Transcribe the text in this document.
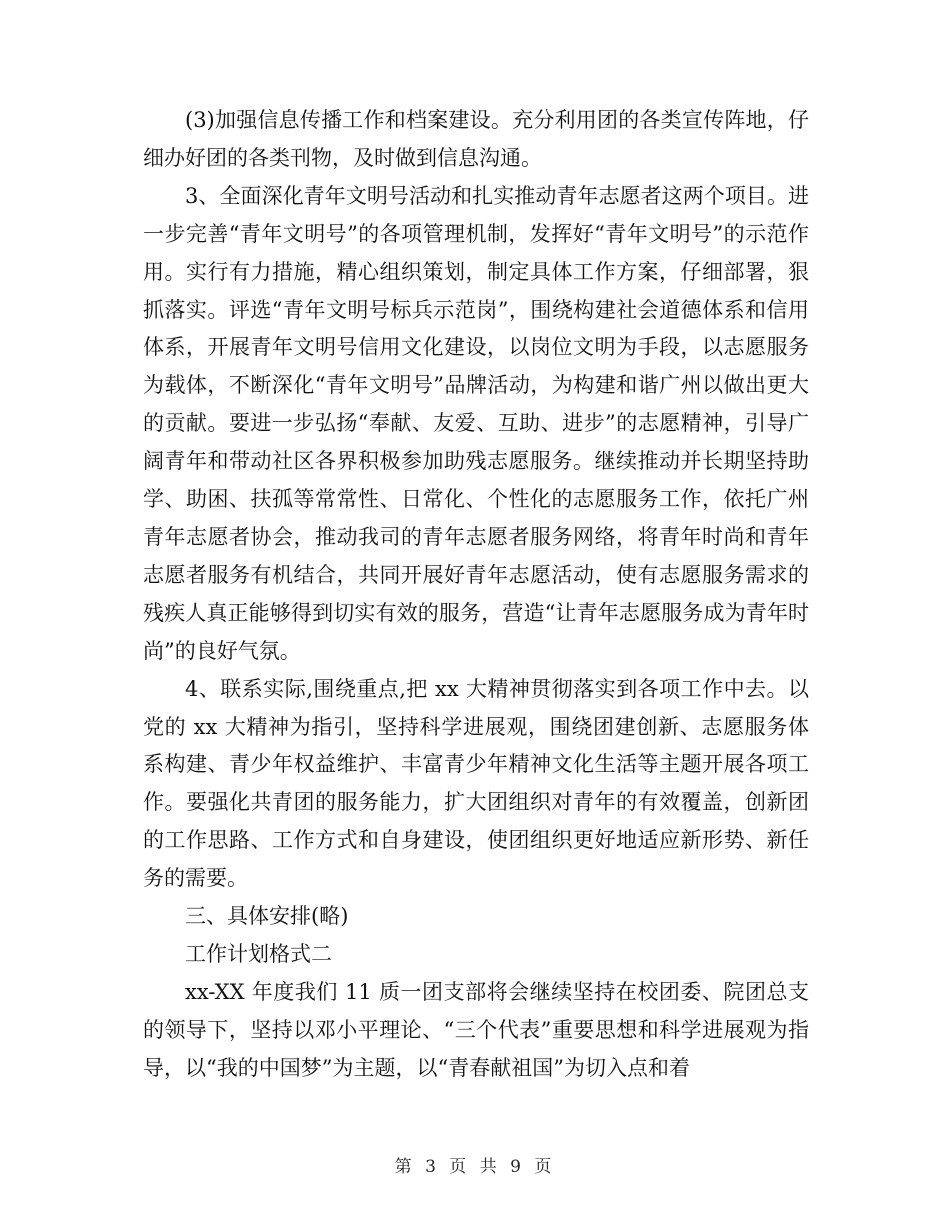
(3)加强信息传播工作和档案建设。充分利用团的各类宣传阵地，仔细办好团的各类刊物，及时做到信息沟通。

3、全面深化青年文明号活动和扎实推动青年志愿者这两个项目。进一步完善“青年文明号”的各项管理机制，发挥好“青年文明号”的示范作用。实行有力措施，精心组织策划，制定具体工作方案，仔细部署，狠抓落实。评选“青年文明号标兵示范岗”，围绕构建社会道德体系和信用体系，开展青年文明号信用文化建设，以岗位文明为手段，以志愿服务为载体，不断深化“青年文明号”品牌活动，为构建和谐广州以做出更大的贡献。要进一步弘扬“奉献、友爱、互助、进步”的志愿精神，引导广阔青年和带动社区各界积极参加助残志愿服务。继续推动并长期坚持助学、助困、扶孤等常常性、日常化、个性化的志愿服务工作，依托广州青年志愿者协会，推动我司的青年志愿者服务网络，将青年时尚和青年志愿者服务有机结合，共同开展好青年志愿活动，使有志愿服务需求的残疾人真正能够得到切实有效的服务，营造“让青年志愿服务成为青年时尚”的良好气氛。

4、联系实际,围绕重点,把 xx 大精神贯彻落实到各项工作中去。以党的 xx 大精神为指引，坚持科学进展观，围绕团建创新、志愿服务体系构建、青少年权益维护、丰富青少年精神文化生活等主题开展各项工作。要强化共青团的服务能力，扩大团组织对青年的有效覆盖，创新团的工作思路、工作方式和自身建设，使团组织更好地适应新形势、新任务的需要。

三、具体安排(略)

工作计划格式二

xx-XX 年度我们 11 质一团支部将会继续坚持在校团委、院团总支的领导下，坚持以邓小平理论、“三个代表”重要思想和科学进展观为指导，以“我的中国梦”为主题，以“青春献祖国”为切入点和着

第 3 页 共 9 页
